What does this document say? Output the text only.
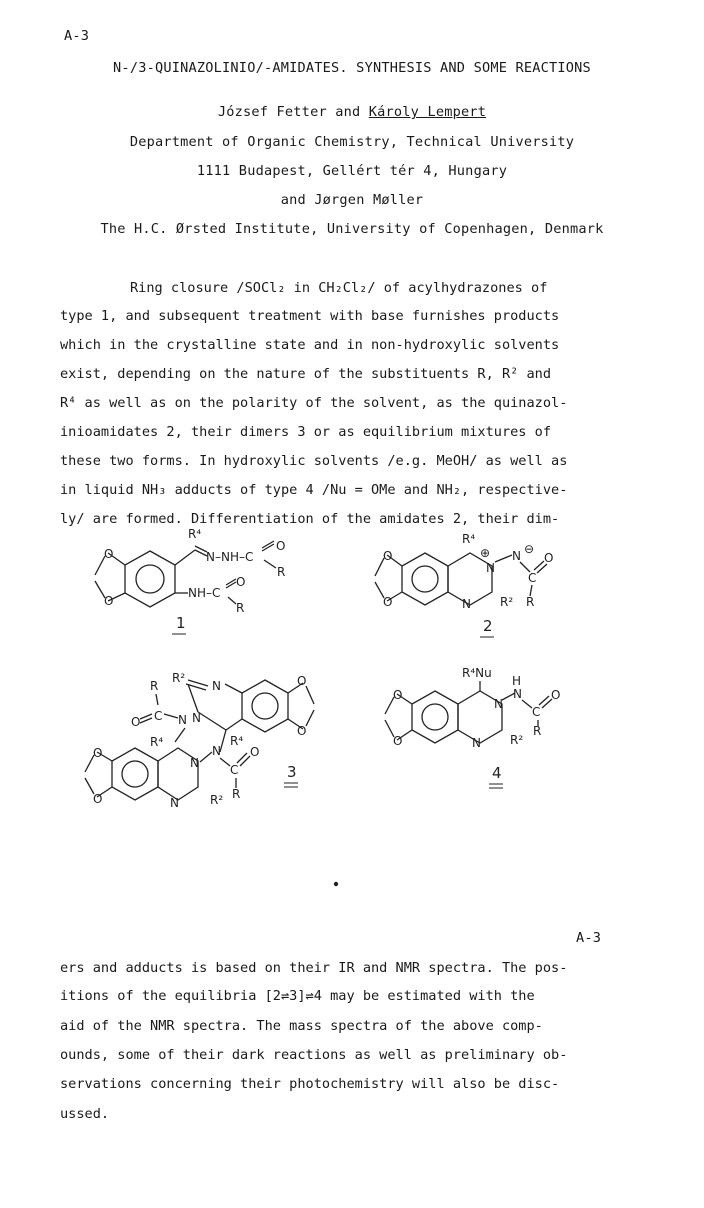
A-3
N-/3-QUINAZOLINIO/-AMIDATES. SYNTHESIS AND SOME REACTIONS
József Fetter and Károly Lempert
Department of Organic Chemistry, Technical University
1111 Budapest, Gellért tér 4, Hungary
and Jørgen Møller
The H.C. Ørsted Institute, University of Copenhagen, Denmark
Ring closure /SOCl₂ in CH₂Cl₂/ of acylhydrazones of
type 1, and subsequent treatment with base furnishes products
which in the crystalline state and in non-hydroxylic solvents
exist, depending on the nature of the substituents R, R² and
R⁴ as well as on the polarity of the solvent, as the quinazol-
inioamidates 2, their dimers 3 or as equilibrium mixtures of
these two forms. In hydroxylic solvents /e.g. MeOH/ as well as
in liquid NH₃ adducts of type 4 /Nu = OMe and NH₂, respective-
ly/ are formed. Differentiation of the amidates 2, their dim-
O
O
R⁴
N–NH–C
O
R
NH–C
O
R
1
O
O
R⁴
⊕
N
N ⊖
C
O
R
N R²
2
O
O
N
R²
N
N
C
O
R
R⁴	R⁴
O
O
N
N
C
O
R
N	R²
3
O
O
R⁴Nu
N
H
N
C
O
R
N R²
4
A-3
ers and adducts is based on their IR and NMR spectra. The pos-
itions of the equilibria [2⇌3]⇌4 may be estimated with the
aid of the NMR spectra. The mass spectra of the above comp-
ounds, some of their dark reactions as well as preliminary ob-
servations concerning their photochemistry will also be disc-
ussed.
